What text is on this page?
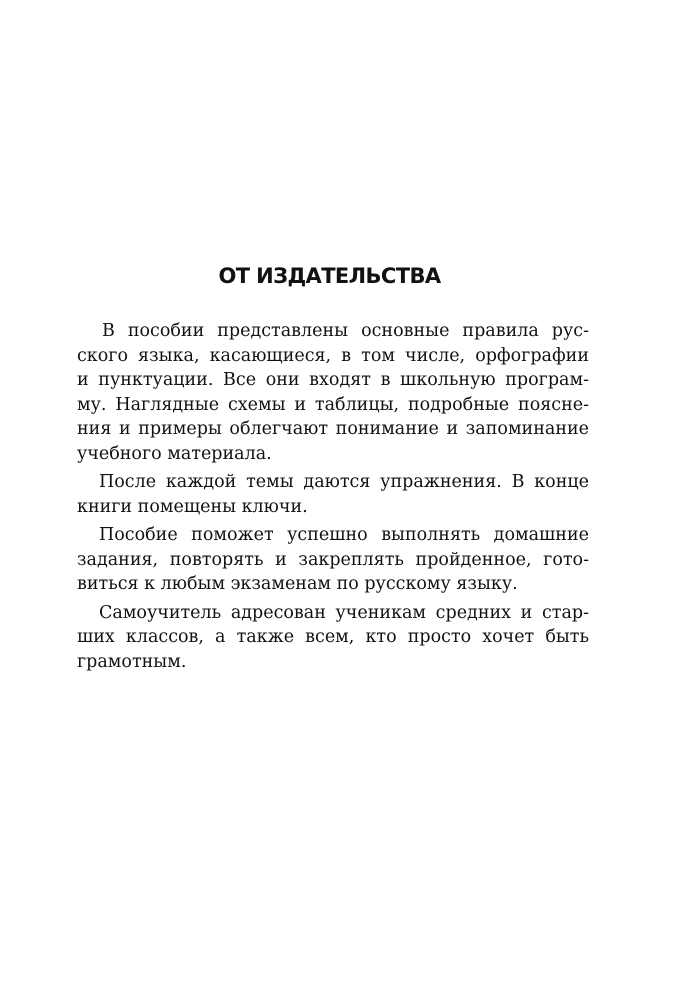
ОТ ИЗДАТЕЛЬСТВА
В пособии представлены основные правила рус-
ского языка, касающиеся, в том числе, орфографии
и пунктуации. Все они входят в школьную програм-
му. Наглядные схемы и таблицы, подробные поясне-
ния и примеры облегчают понимание и запоминание
учебного материала.
После каждой темы даются упражнения. В конце
книги помещены ключи.
Пособие поможет успешно выполнять домашние
задания, повторять и закреплять пройденное, гото-
виться к любым экзаменам по русскому языку.
Самоучитель адресован ученикам средних и стар-
ших классов, а также всем, кто просто хочет быть
грамотным.
